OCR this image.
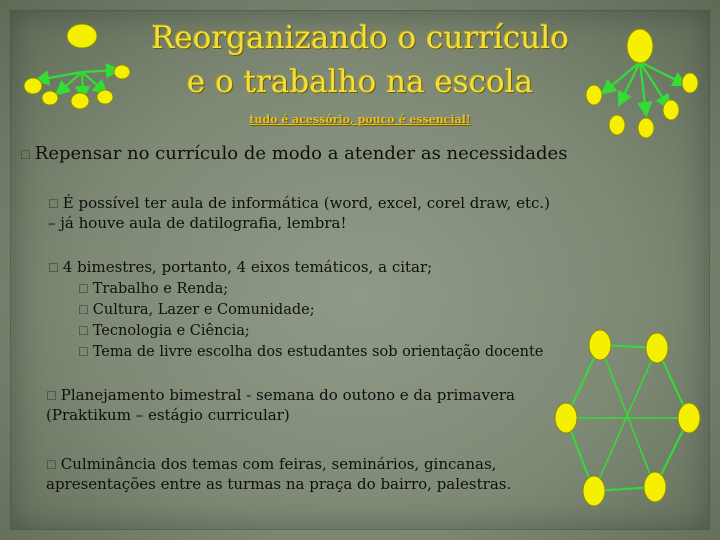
Reorganizando o currículo
e o trabalho na escola
tudo é acessório, pouco é essencial!
☐ Repensar no currículo de modo a atender as necessidades
☐ É possível ter aula de informática (word, excel, corel draw, etc.)
– já houve aula de datilografia, lembra!
☐ 4 bimestres, portanto, 4 eixos temáticos, a citar;
☐ Trabalho e Renda;
☐ Cultura, Lazer e Comunidade;
☐ Tecnologia e Ciência;
☐ Tema de livre escolha dos estudantes sob orientação docente
☐ Planejamento bimestral - semana do outono e da primavera
(Praktikum – estágio curricular)
☐ Culminância dos temas com feiras, seminários, gincanas,
apresentações entre as turmas na praça do bairro, palestras.
